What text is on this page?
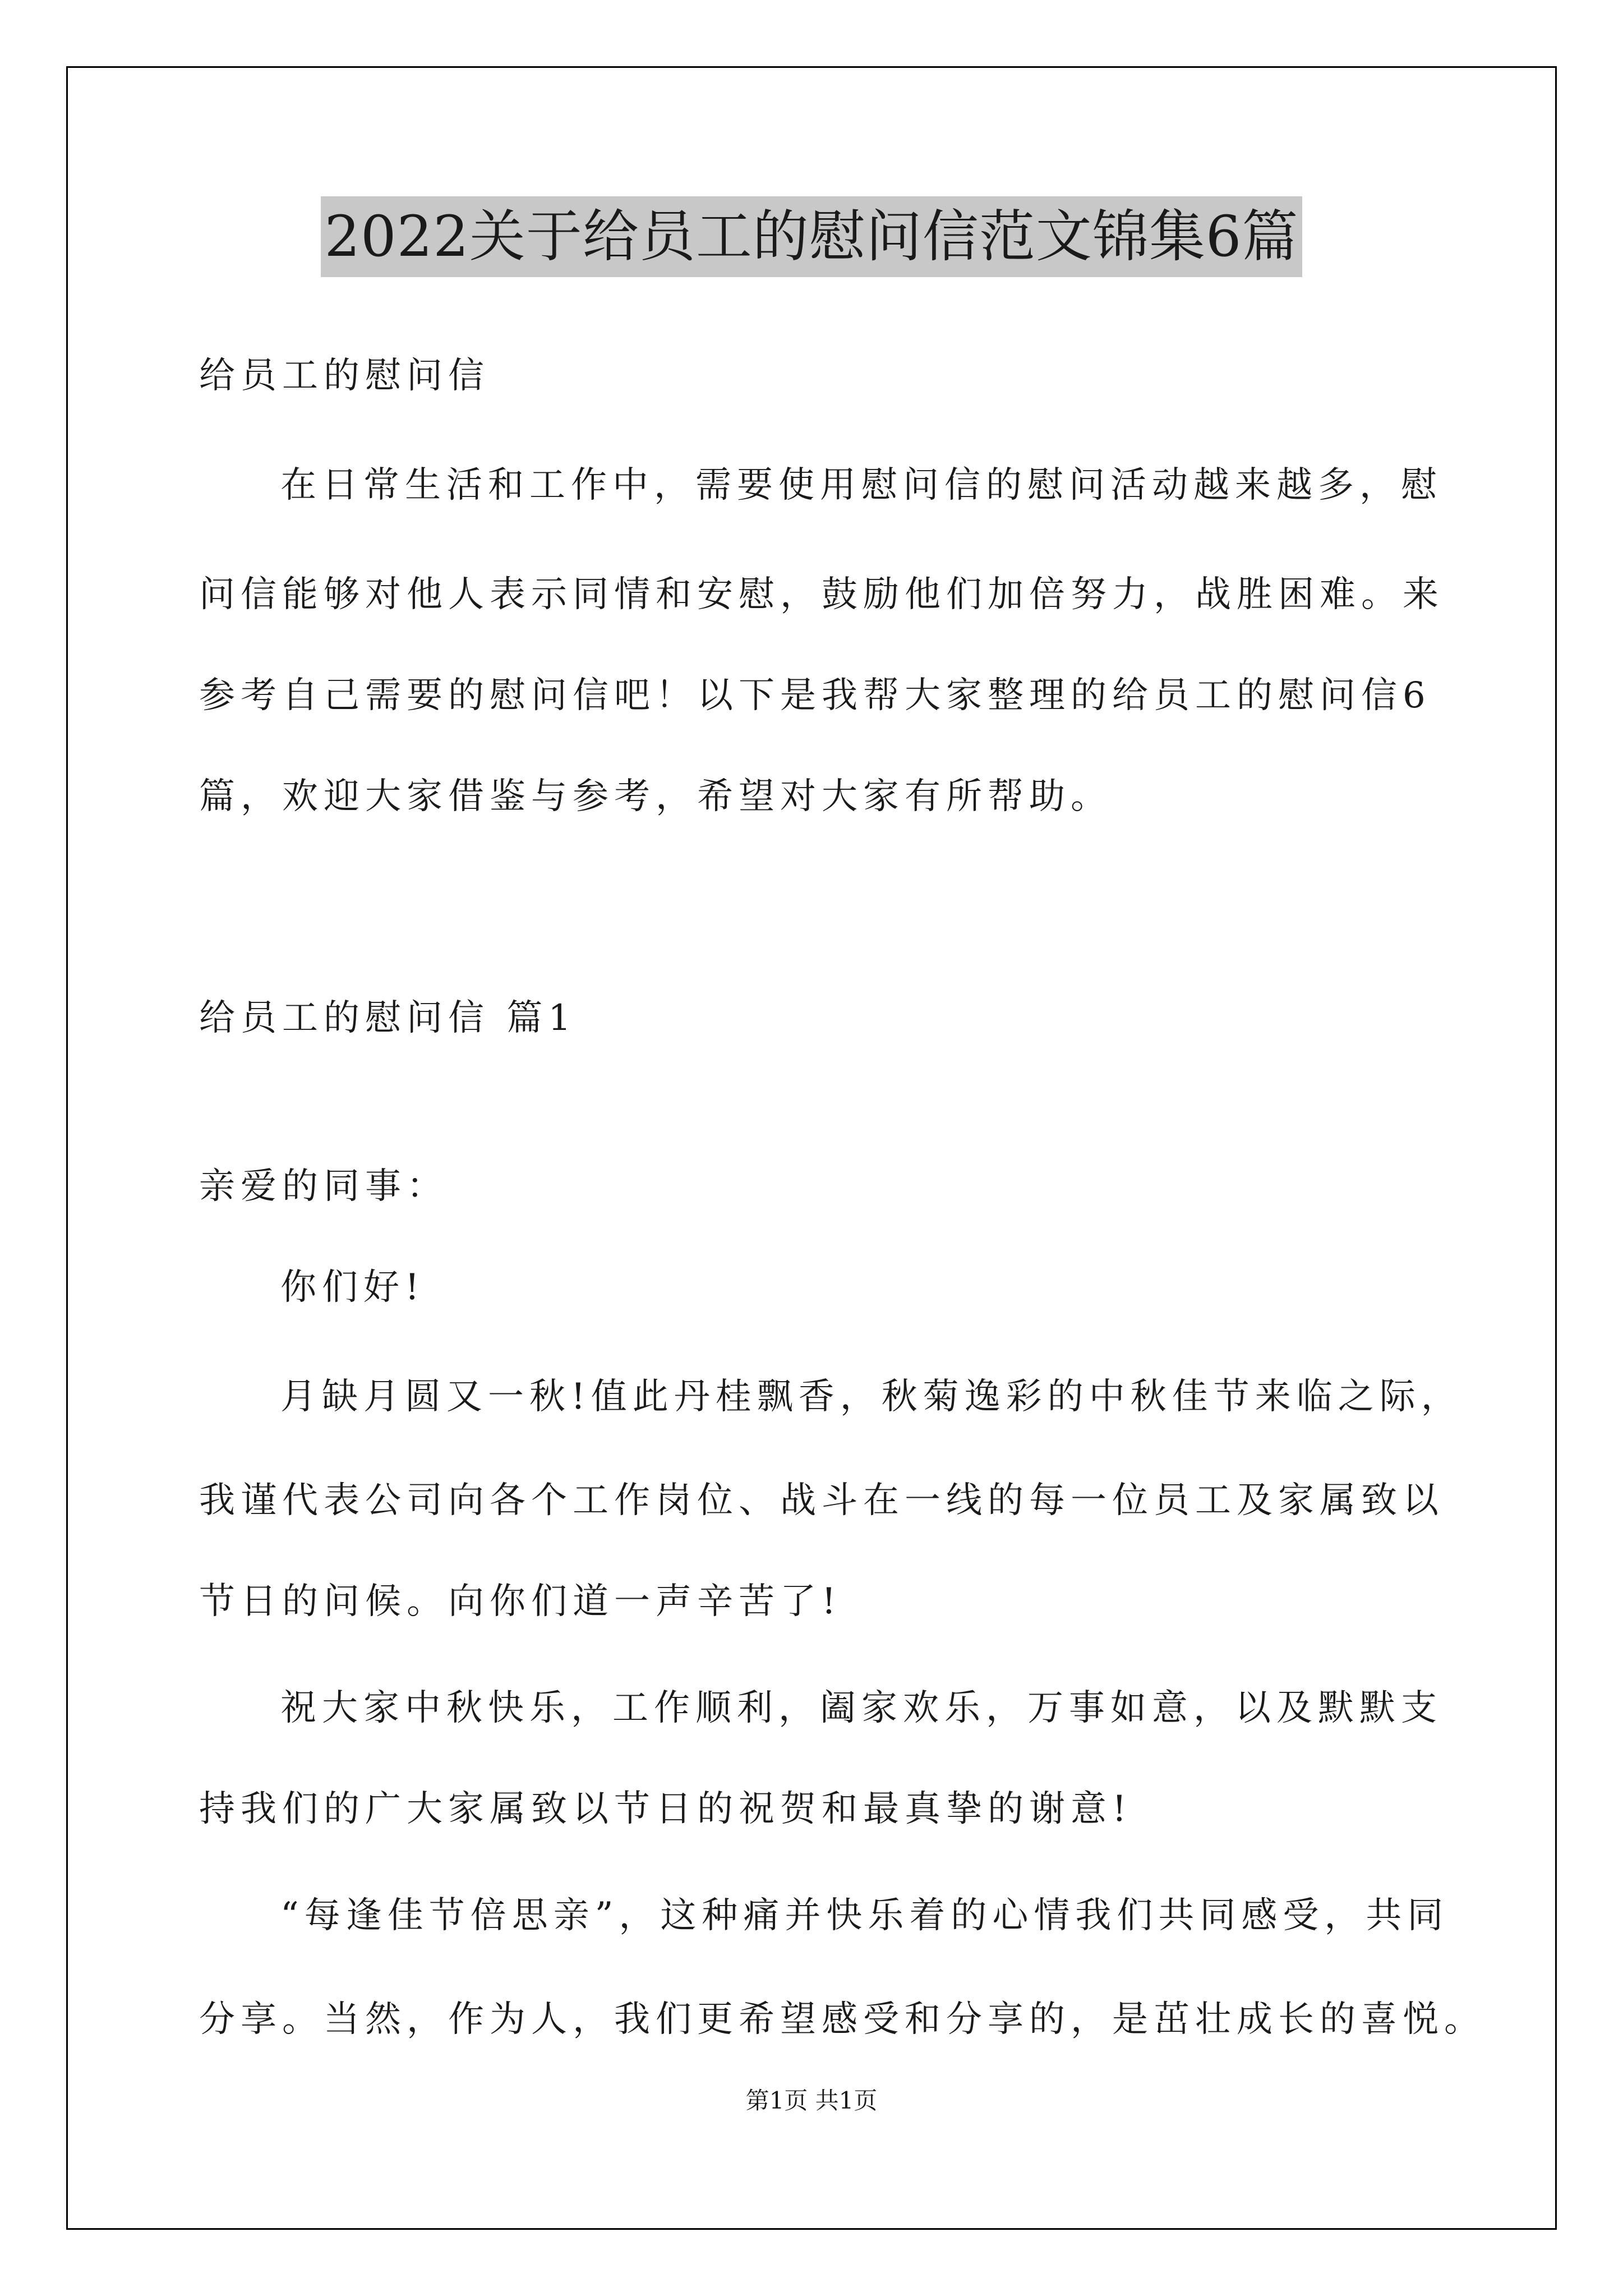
2022关于给员工的慰问信范文锦集6篇
给员工的慰问信
在日常生活和工作中，需要使用慰问信的慰问活动越来越多，慰
问信能够对他人表示同情和安慰，鼓励他们加倍努力，战胜困难。来
参考自己需要的慰问信吧！以下是我帮大家整理的给员工的慰问信6
篇，欢迎大家借鉴与参考，希望对大家有所帮助。
给员工的慰问信 篇1
亲爱的同事：
你们好!
月缺月圆又一秋!值此丹桂飘香，秋菊逸彩的中秋佳节来临之际，
我谨代表公司向各个工作岗位、战斗在一线的每一位员工及家属致以
节日的问候。向你们道一声辛苦了!
祝大家中秋快乐，工作顺利，阖家欢乐，万事如意，以及默默支
持我们的广大家属致以节日的祝贺和最真挚的谢意!
“每逢佳节倍思亲”，这种痛并快乐着的心情我们共同感受，共同
分享。当然，作为人，我们更希望感受和分享的，是茁壮成长的喜悦。
第1页 共1页
